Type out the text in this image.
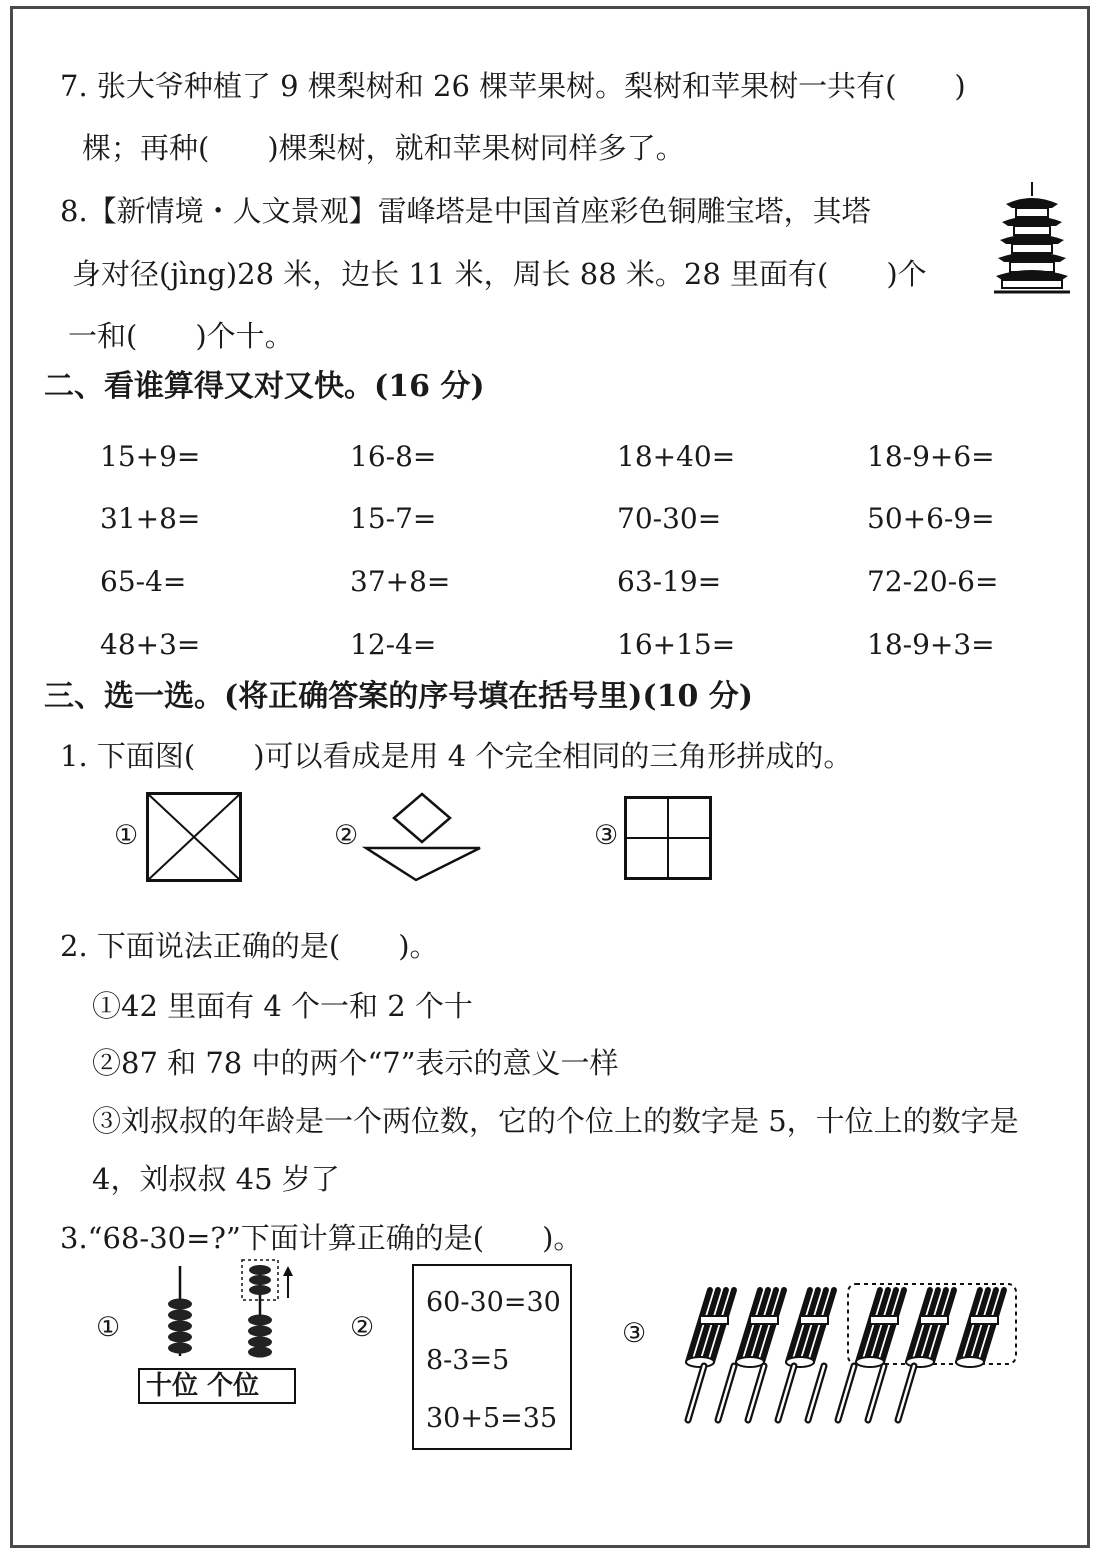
7. 张大爷种植了 9 棵梨树和 26 棵苹果树。梨树和苹果树一共有(　　)
棵；再种(　　)棵梨树，就和苹果树同样多了。
8.【新情境・人文景观】雷峰塔是中国首座彩色铜雕宝塔，其塔
身对径(jìng)28 米，边长 11 米，周长 88 米。28 里面有(　　)个
一和(　　)个十。
二、看谁算得又对又快。(16 分)
15+9=	16-8=	18+40=	18-9+6=
31+8=	15-7=	70-30=	50+6-9=
65-4=	37+8=	63-19=	72-20-6=
48+3=	12-4=	16+15=	18-9+3=
三、选一选。(将正确答案的序号填在括号里)(10 分)
1. 下面图(　　)可以看成是用 4 个完全相同的三角形拼成的。
①	②	③
2. 下面说法正确的是(　　)。
①42 里面有 4 个一和 2 个十
②87 和 78 中的两个“7”表示的意义一样
③刘叔叔的年龄是一个两位数，它的个位上的数字是 5，十位上的数字是
4，刘叔叔 45 岁了
3.“68-30=?”下面计算正确的是(　　)。
①
十位 个位
②
60-30=30
8-3=5
30+5=35
③
